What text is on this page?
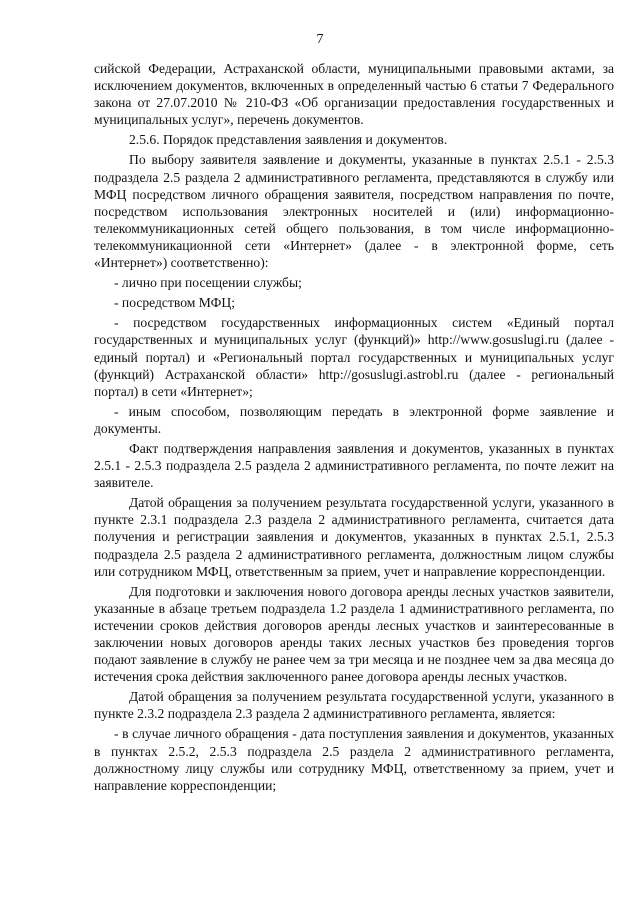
7

сийской Федерации, Астраханской области, муниципальными правовыми актами, за исключением документов, включенных в определенный частью 6 статьи 7 Федерального закона от 27.07.2010 № 210-ФЗ «Об организации предоставления государственных и муниципальных услуг», перечень документов.

2.5.6. Порядок представления заявления и документов.

По выбору заявителя заявление и документы, указанные в пунктах 2.5.1 - 2.5.3 подраздела 2.5 раздела 2 административного регламента, представляются в службу или МФЦ посредством личного обращения заявителя, посредством направления по почте, посредством использования электронных носителей и (или) информационно-телекоммуникационных сетей общего пользования, в том числе информационно-телекоммуникационной сети «Интернет» (далее - в электронной форме, сеть «Интернет») соответственно):

- лично при посещении службы;

- посредством МФЦ;

- посредством государственных информационных систем «Единый портал государственных и муниципальных услуг (функций)» http://www.gosuslugi.ru (далее - единый портал) и «Региональный портал государственных и муниципальных услуг (функций) Астраханской области» http://gosuslugi.astrobl.ru (далее - региональный портал) в сети «Интернет»;

- иным способом, позволяющим передать в электронной форме заявление и документы.

Факт подтверждения направления заявления и документов, указанных в пунктах 2.5.1 - 2.5.3 подраздела 2.5 раздела 2 административного регламента, по почте лежит на заявителе.

Датой обращения за получением результата государственной услуги, указанного в пункте 2.3.1 подраздела 2.3 раздела 2 административного регламента, считается дата получения и регистрации заявления и документов, указанных в пунктах 2.5.1, 2.5.3 подраздела 2.5 раздела 2 административного регламента, должностным лицом службы или сотрудником МФЦ, ответственным за прием, учет и направление корреспонденции.

Для подготовки и заключения нового договора аренды лесных участков заявители, указанные в абзаце третьем подраздела 1.2 раздела 1 административного регламента, по истечении сроков действия договоров аренды лесных участков и заинтересованные в заключении новых договоров аренды таких лесных участков без проведения торгов подают заявление в службу не ранее чем за три месяца и не позднее чем за два месяца до истечения срока действия заключенного ранее договора аренды лесных участков.

Датой обращения за получением результата государственной услуги, указанного в пункте 2.3.2 подраздела 2.3 раздела 2 административного регламента, является:

- в случае личного обращения - дата поступления заявления и документов, указанных в пунктах 2.5.2, 2.5.3 подраздела 2.5 раздела 2 административного регламента, должностному лицу службы или сотруднику МФЦ, ответственному за прием, учет и направление корреспонденции;
